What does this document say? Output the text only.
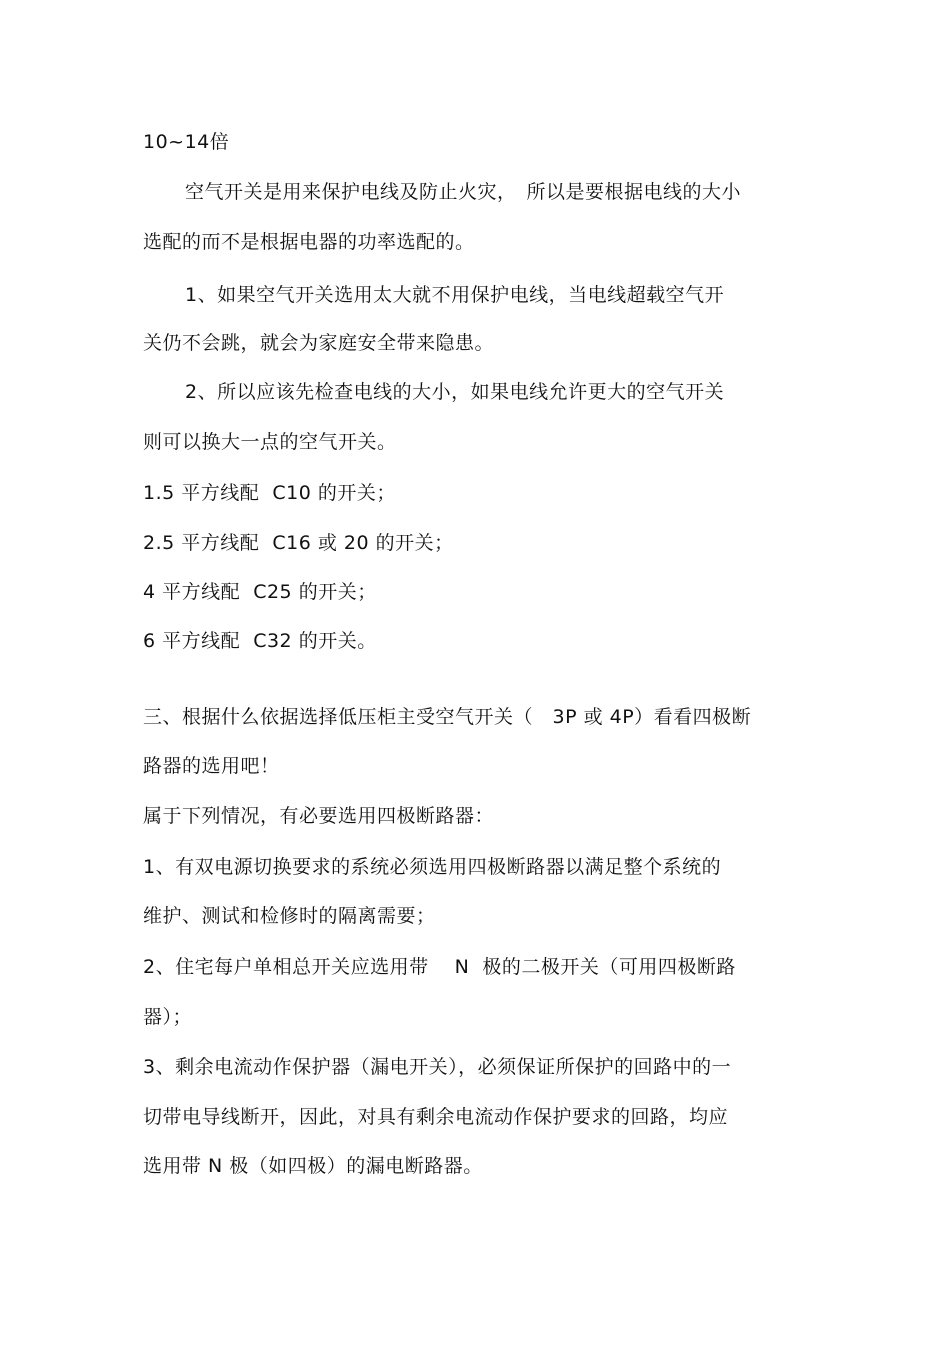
10~14倍
空气开关是用来保护电线及防止火灾，　所以是要根据电线的大小
选配的而不是根据电器的功率选配的。
1、如果空气开关选用太大就不用保护电线，当电线超载空气开
关仍不会跳，就会为家庭安全带来隐患。
2、所以应该先检查电线的大小，如果电线允许更大的空气开关
则可以换大一点的空气开关。
1.5 平方线配  C10 的开关；
2.5 平方线配  C16 或 20 的开关；
4 平方线配  C25 的开关；
6 平方线配  C32 的开关。
三、根据什么依据选择低压柜主受空气开关（　3P 或 4P）看看四极断
路器的选用吧！
属于下列情况，有必要选用四极断路器：
1、有双电源切换要求的系统必须选用四极断路器以满足整个系统的
维护、测试和检修时的隔离需要；
2、住宅每户单相总开关应选用带　 N  极的二极开关（可用四极断路
器）；
3、剩余电流动作保护器（漏电开关），必须保证所保护的回路中的一
切带电导线断开，因此，对具有剩余电流动作保护要求的回路，均应
选用带 N 极（如四极）的漏电断路器。
